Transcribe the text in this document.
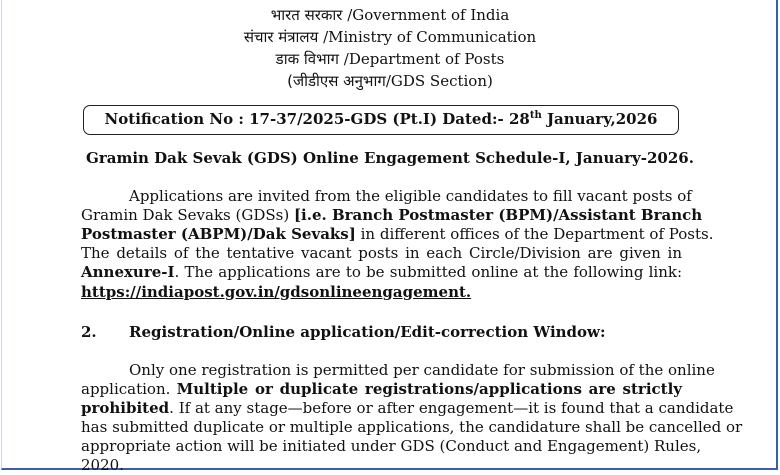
भारत सरकार /Government of India
संचार मंत्रालय /Ministry of Communication
डाक विभाग /Department of Posts
(जीडीएस अनुभाग/GDS Section)
Notification No : 17-37/2025-GDS (Pt.I) Dated:- 28th January,2026
Gramin Dak Sevak (GDS) Online Engagement Schedule-I, January-2026.
Applications are invited from the eligible candidates to fill vacant posts of
Gramin Dak Sevaks (GDSs) [i.e. Branch Postmaster (BPM)/Assistant Branch
Postmaster (ABPM)/Dak Sevaks] in different offices of the Department of Posts.
The details of the tentative vacant posts in each Circle/Division are given in
Annexure-I. The applications are to be submitted online at the following link:
https://indiapost.gov.in/gdsonlineengagement.
2. Registration/Online application/Edit-correction Window:
Only one registration is permitted per candidate for submission of the online
application. Multiple or duplicate registrations/applications are strictly
prohibited. If at any stage—before or after engagement—it is found that a candidate
has submitted duplicate or multiple applications, the candidature shall be cancelled or
appropriate action will be initiated under GDS (Conduct and Engagement) Rules,
2020.
